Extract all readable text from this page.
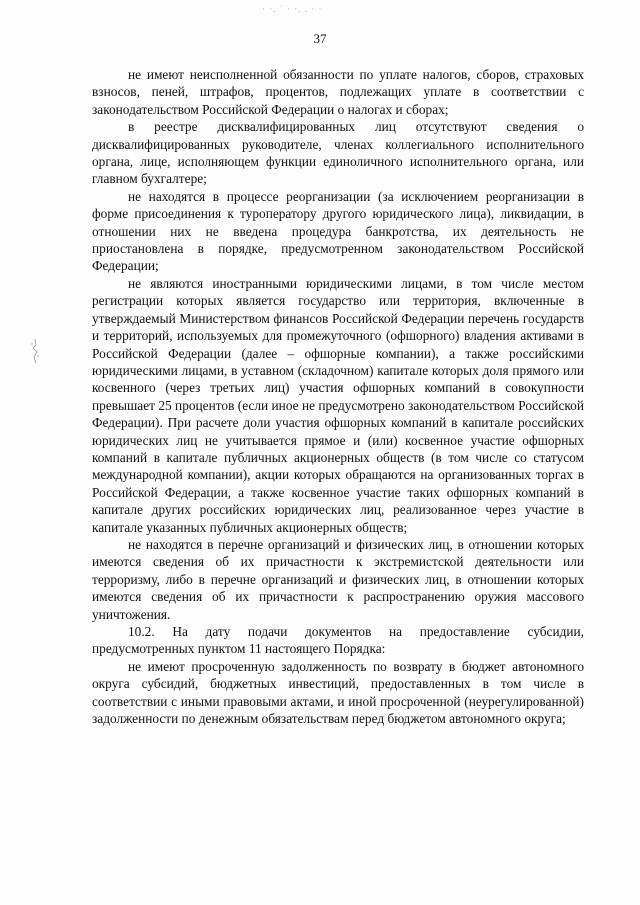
· ·. ˙ · ·. . · ·
37

не имеют неисполненной обязанности по уплате налогов, сборов, страховых взносов, пеней, штрафов, процентов, подлежащих уплате в соответствии с законодательством Российской Федерации о налогах и сборах;

в реестре дисквалифицированных лиц отсутствуют сведения о дисквалифицированных руководителе, членах коллегиального исполнительного органа, лице, исполняющем функции единоличного исполнительного органа, или главном бухгалтере;

не находятся в процессе реорганизации (за исключением реорганизации в форме присоединения к туроператору другого юридического лица), ликвидации, в отношении них не введена процедура банкротства, их деятельность не приостановлена в порядке, предусмотренном законодательством Российской Федерации;

не являются иностранными юридическими лицами, в том числе местом регистрации которых является государство или территория, включенные в утверждаемый Министерством финансов Российской Федерации перечень государств и территорий, используемых для промежуточного (офшорного) владения активами в Российской Федерации (далее – офшорные компании), а также российскими юридическими лицами, в уставном (складочном) капитале которых доля прямого или косвенного (через третьих лиц) участия офшорных компаний в совокупности превышает 25 процентов (если иное не предусмотрено законодательством Российской Федерации). При расчете доли участия офшорных компаний в капитале российских юридических лиц не учитывается прямое и (или) косвенное участие офшорных компаний в капитале публичных акционерных обществ (в том числе со статусом международной компании), акции которых обращаются на организованных торгах в Российской Федерации, а также косвенное участие таких офшорных компаний в капитале других российских юридических лиц, реализованное через участие в капитале указанных публичных акционерных обществ;

не находятся в перечне организаций и физических лиц, в отношении которых имеются сведения об их причастности к экстремистской деятельности или терроризму, либо в перечне организаций и физических лиц, в отношении которых имеются сведения об их причастности к распространению оружия массового уничтожения.

10.2. На дату подачи документов на предоставление субсидии, предусмотренных пунктом 11 настоящего Порядка:

не имеют просроченную задолженность по возврату в бюджет автономного округа субсидий, бюджетных инвестиций, предоставленных в том числе в соответствии с иными правовыми актами, и иной просроченной (неурегулированной) задолженности по денежным обязательствам перед бюджетом автономного округа;
